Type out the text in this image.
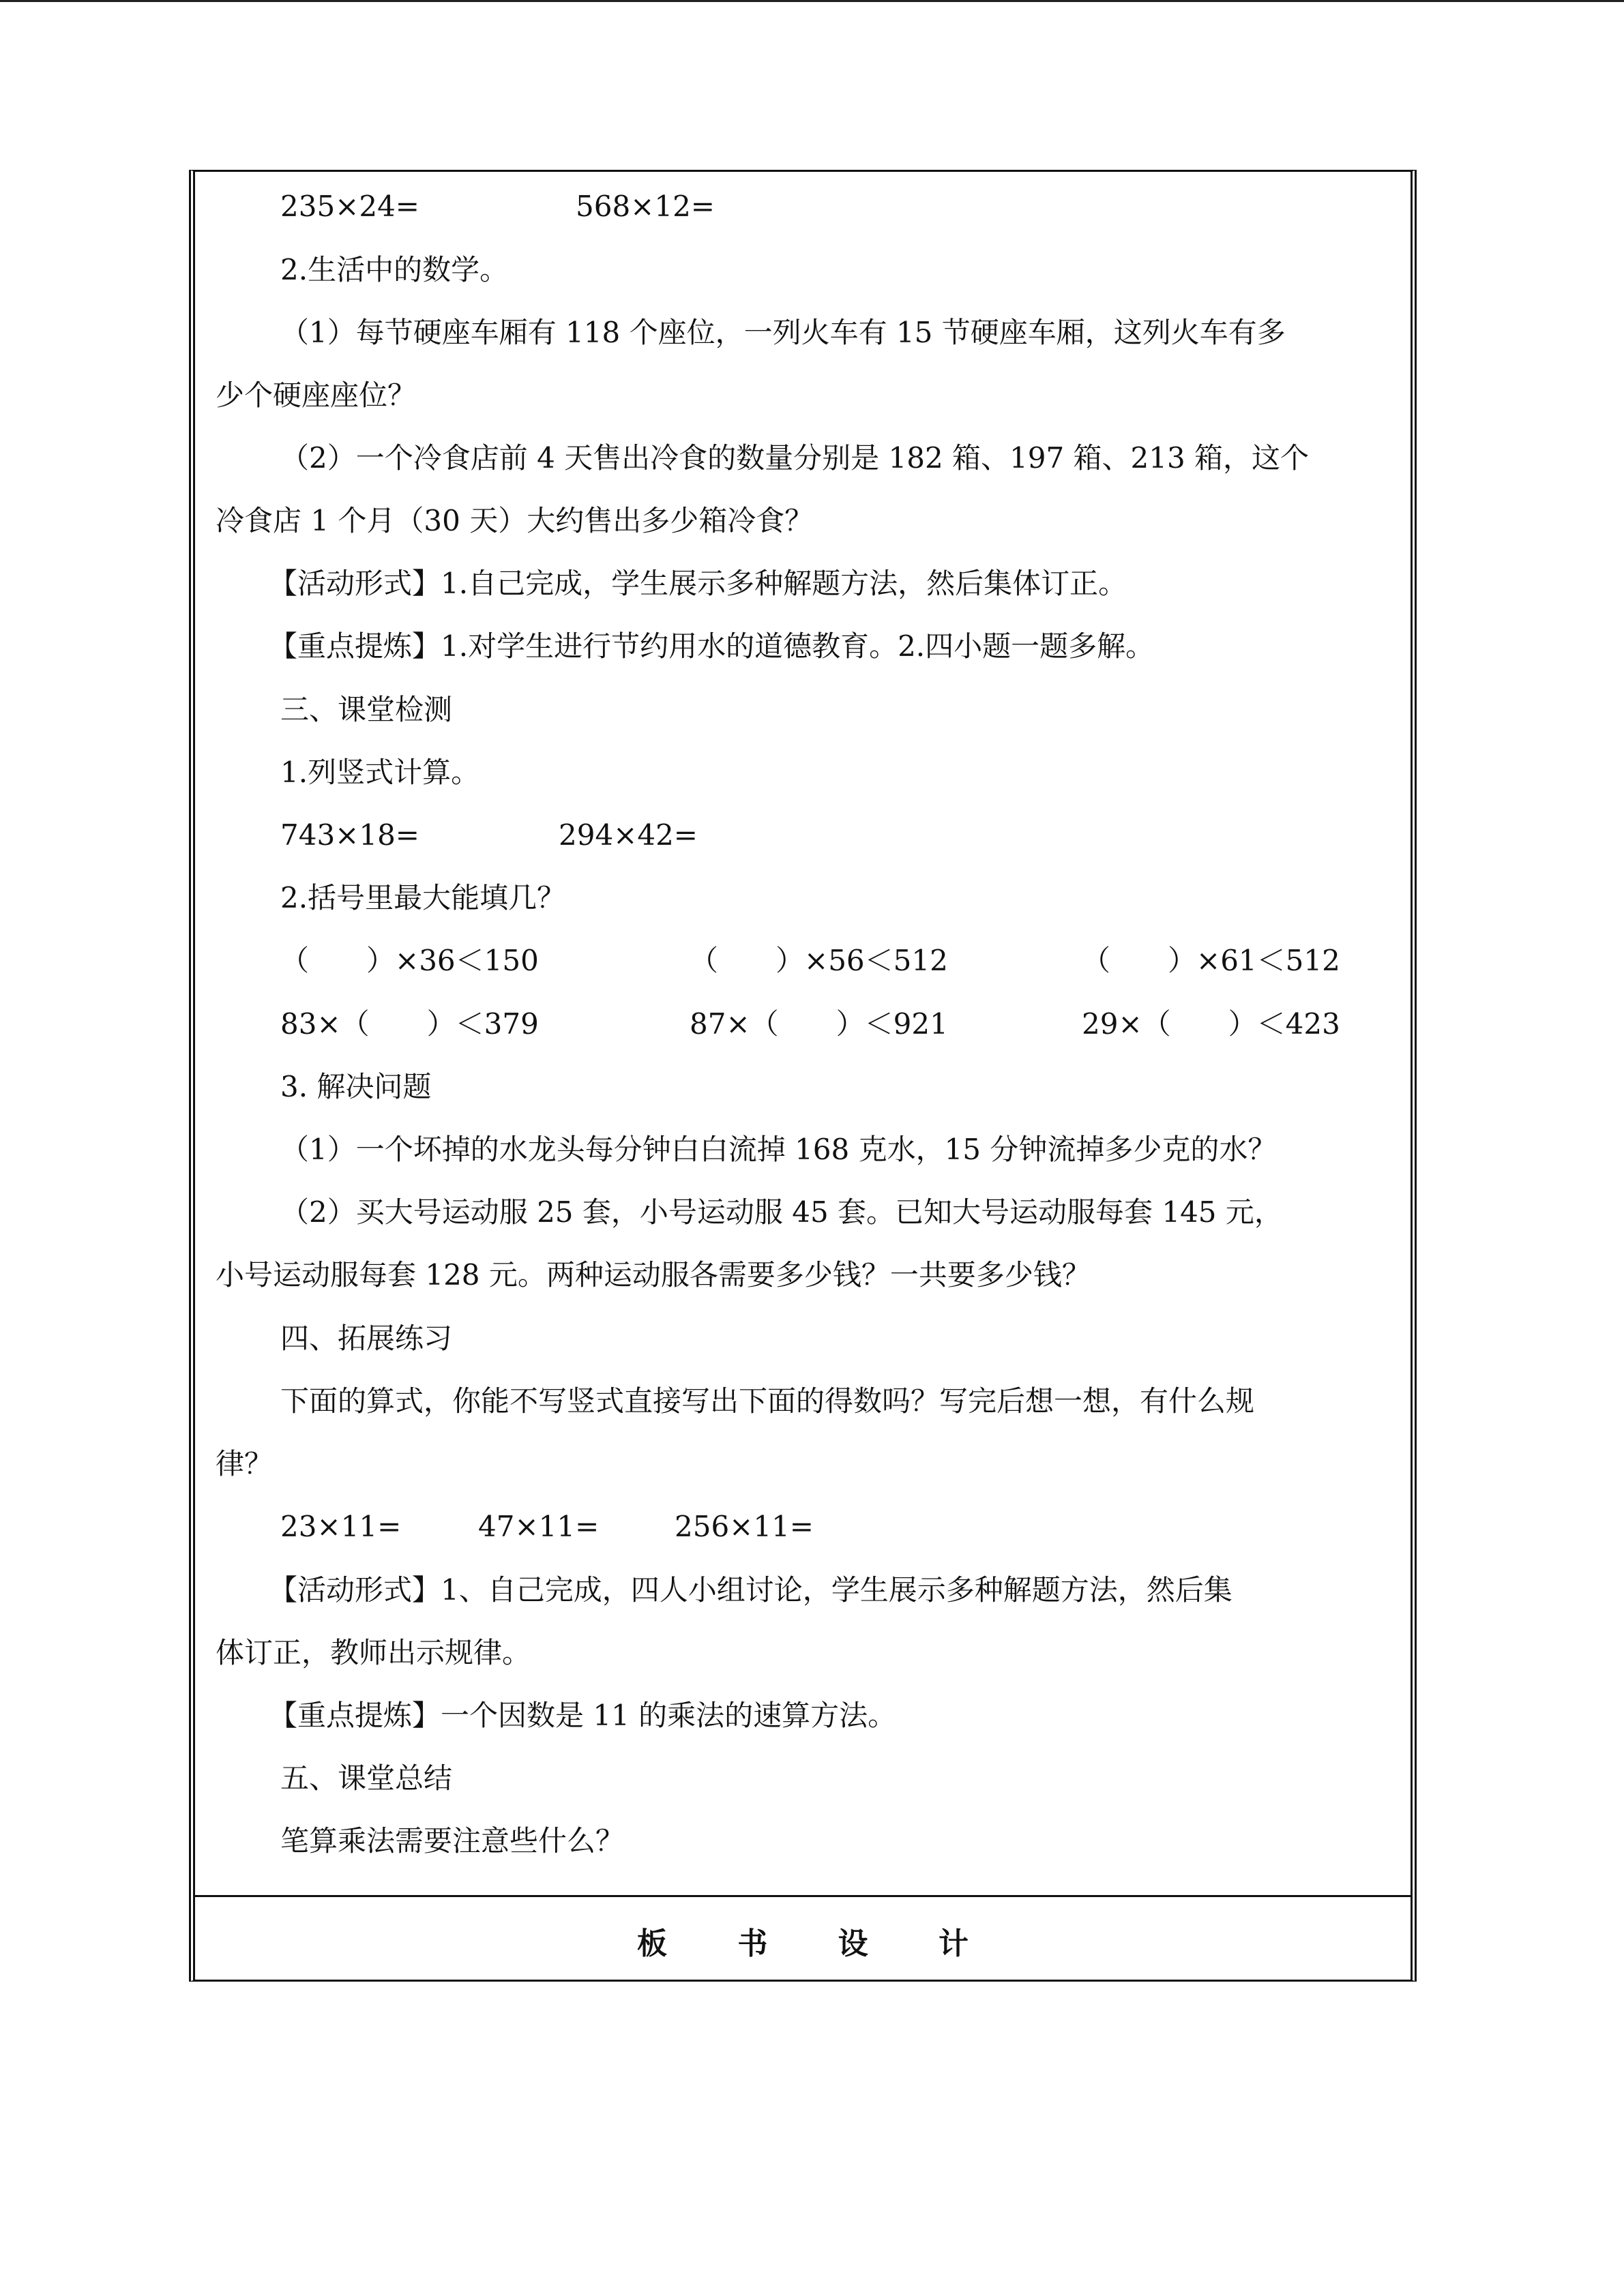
235×24=	568×12=
2.生活中的数学。
（1）每节硬座车厢有 118 个座位，一列火车有 15 节硬座车厢，这列火车有多
少个硬座座位？
（2）一个冷食店前 4 天售出冷食的数量分别是 182 箱、197 箱、213 箱，这个
冷食店 1 个月（30 天）大约售出多少箱冷食？
【活动形式】1.自己完成，学生展示多种解题方法，然后集体订正。
【重点提炼】1.对学生进行节约用水的道德教育。2.四小题一题多解。
三、课堂检测
1.列竖式计算。
743×18=	294×42=
2.括号里最大能填几？
（　　）×36＜150	（　　）×56＜512	（　　）×61＜512
83×（　　）＜379	87×（　　）＜921	29×（　　）＜423
3. 解决问题
（1）一个坏掉的水龙头每分钟白白流掉 168 克水，15 分钟流掉多少克的水？
（2）买大号运动服 25 套，小号运动服 45 套。已知大号运动服每套 145 元，
小号运动服每套 128 元。两种运动服各需要多少钱？一共要多少钱？
四、拓展练习
下面的算式，你能不写竖式直接写出下面的得数吗？写完后想一想，有什么规
律？
23×11=	47×11=	256×11=
【活动形式】1、自己完成，四人小组讨论，学生展示多种解题方法，然后集
体订正，教师出示规律。
【重点提炼】一个因数是 11 的乘法的速算方法。
五、课堂总结
笔算乘法需要注意些什么？
板 书 设 计
